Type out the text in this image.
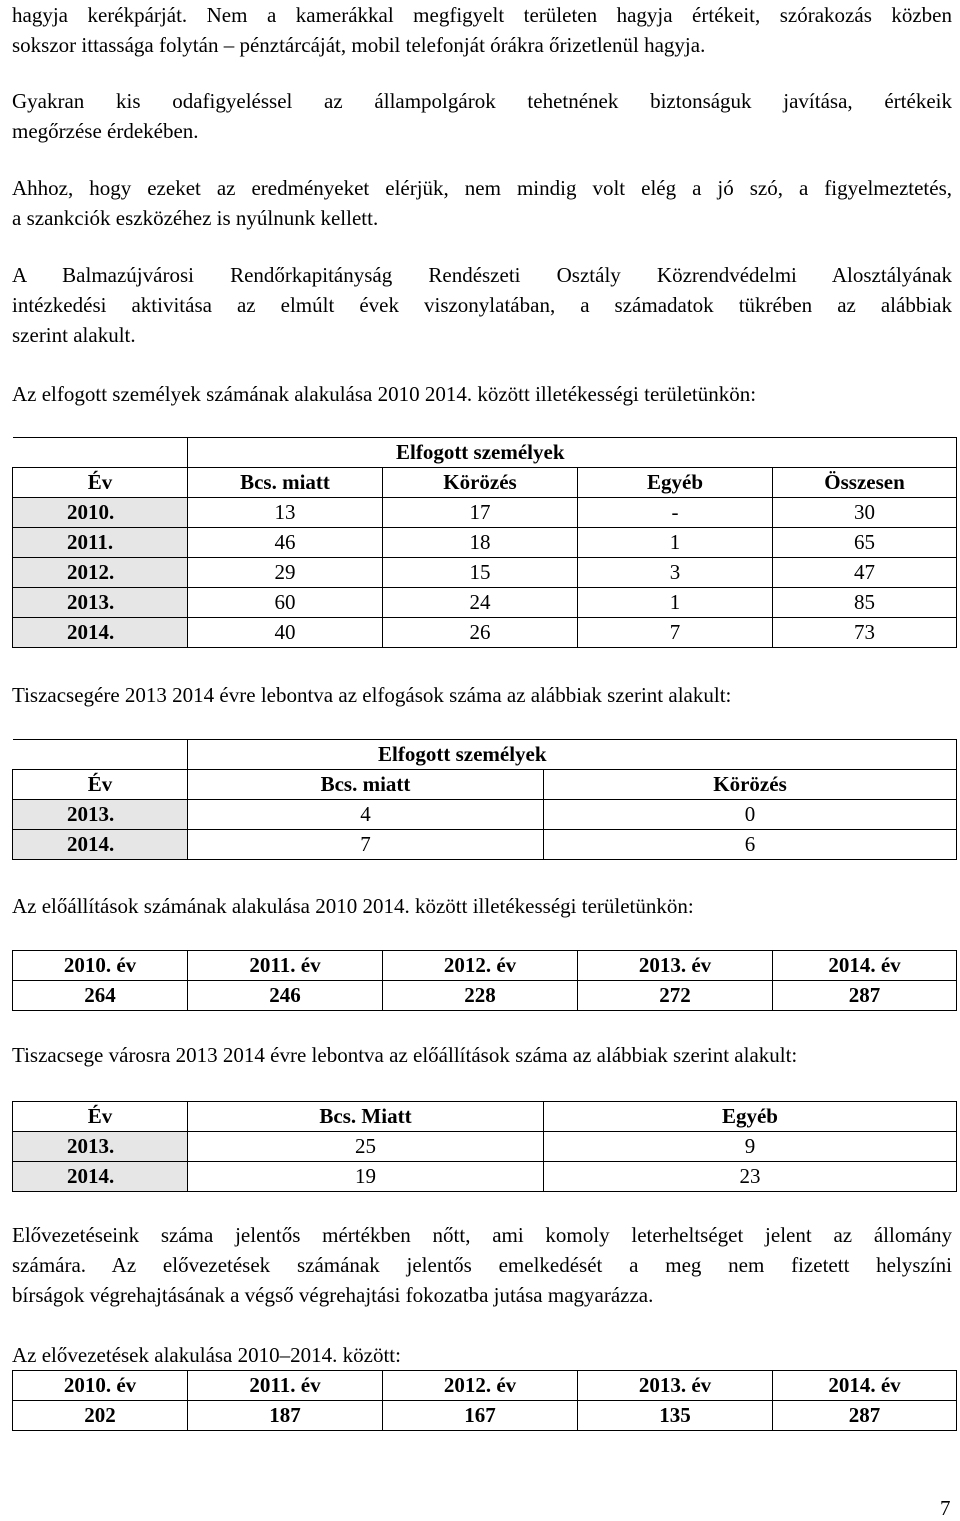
hagyja kerékpárját. Nem a kamerákkal megfigyelt területen hagyja értékeit, szórakozás közben

sokszor ittassága folytán – pénztárcáját, mobil telefonját órákra őrizetlenül hagyja.

Gyakran kis odafigyeléssel az állampolgárok tehetnének biztonságuk javítása, értékeik

megőrzése érdekében.

Ahhoz, hogy ezeket az eredményeket elérjük, nem mindig volt elég a jó szó, a figyelmeztetés,

a szankciók eszközéhez is nyúlnunk kellett.

A Balmazújvárosi Rendőrkapitányság Rendészeti Osztály Közrendvédelmi Alosztályának

intézkedési aktivitása az elmúlt évek viszonylatában, a számadatok tükrében az alábbiak

szerint alakult.

Az elfogott személyek számának alakulása 2010 2014. között illetékességi területünkön:

	Elfogott személyek			
Év	Bcs. miatt	Körözés	Egyéb	Összesen
2010.	13	17	-	30
2011.	46	18	1	65
2012.	29	15	3	47
2013.	60	24	1	85
2014.	40	26	7	73

Tiszacsegére 2013 2014 évre lebontva az elfogások száma az alábbiak szerint alakult:

	Elfogott személyek	
Év	Bcs. miatt	Körözés
2013.	4	0
2014.	7	6

Az előállítások számának alakulása 2010 2014. között illetékességi területünkön:

2010. év	2011. év	2012. év	2013. év	2014. év
264	246	228	272	287

Tiszacsege városra 2013 2014 évre lebontva az előállítások száma az alábbiak szerint alakult:

Év	Bcs. Miatt	Egyéb
2013.	25	9
2014.	19	23

Elővezetéseink száma jelentős mértékben nőtt, ami komoly leterheltséget jelent az állomány

számára. Az elővezetések számának jelentős emelkedését a meg nem fizetett helyszíni

bírságok végrehajtásának a végső végrehajtási fokozatba jutása magyarázza.

Az elővezetések alakulása 2010–2014. között:

2010. év	2011. év	2012. év	2013. év	2014. év
202	187	167	135	287
7
